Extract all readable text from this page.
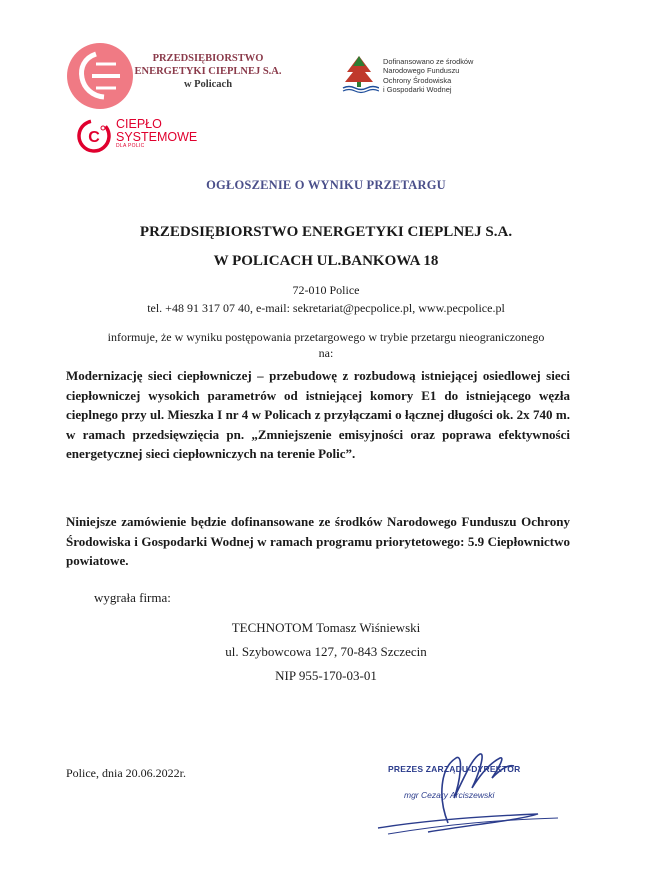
PRZEDSIĘBIORSTWO
ENERGETYKI CIEPLNEJ S.A.
w Policach
C
CIEPŁO
SYSTEMOWE
DLA POLIC
Dofinansowano ze środków
Narodowego Funduszu
Ochrony Środowiska
i Gospodarki Wodnej
OGŁOSZENIE O WYNIKU PRZETARGU
PRZEDSIĘBIORSTWO ENERGETYKI CIEPLNEJ S.A.
W POLICACH UL.BANKOWA 18
72-010 Police
tel. +48 91 317 07 40, e-mail: sekretariat@pecpolice.pl, www.pecpolice.pl
informuje, że w wyniku postępowania przetargowego w trybie przetargu nieograniczonego
na:
Modernizację sieci ciepłowniczej – przebudowę z rozbudową istniejącej osiedlowej sieci ciepłowniczej wysokich parametrów od istniejącej komory E1 do istniejącego węzła cieplnego przy ul. Mieszka I nr 4 w Policach z przyłączami o łącznej długości ok. 2x 740 m. w ramach przedsięwzięcia pn. „Zmniejszenie emisyjności oraz poprawa efektywności energetycznej sieci ciepłowniczych na terenie Polic”.
Niniejsze zamówienie będzie dofinansowane ze środków Narodowego Funduszu Ochrony Środowiska i Gospodarki Wodnej w ramach programu priorytetowego: 5.9 Ciepłownictwo powiatowe.
wygrała firma:
TECHNOTOM Tomasz Wiśniewski
ul. Szybowcowa 127, 70-843 Szczecin
NIP 955-170-03-01
Police, dnia 20.06.2022r.	PREZES ZARZĄDU-DYREKTOR
mgr Cezary Arciszewski
